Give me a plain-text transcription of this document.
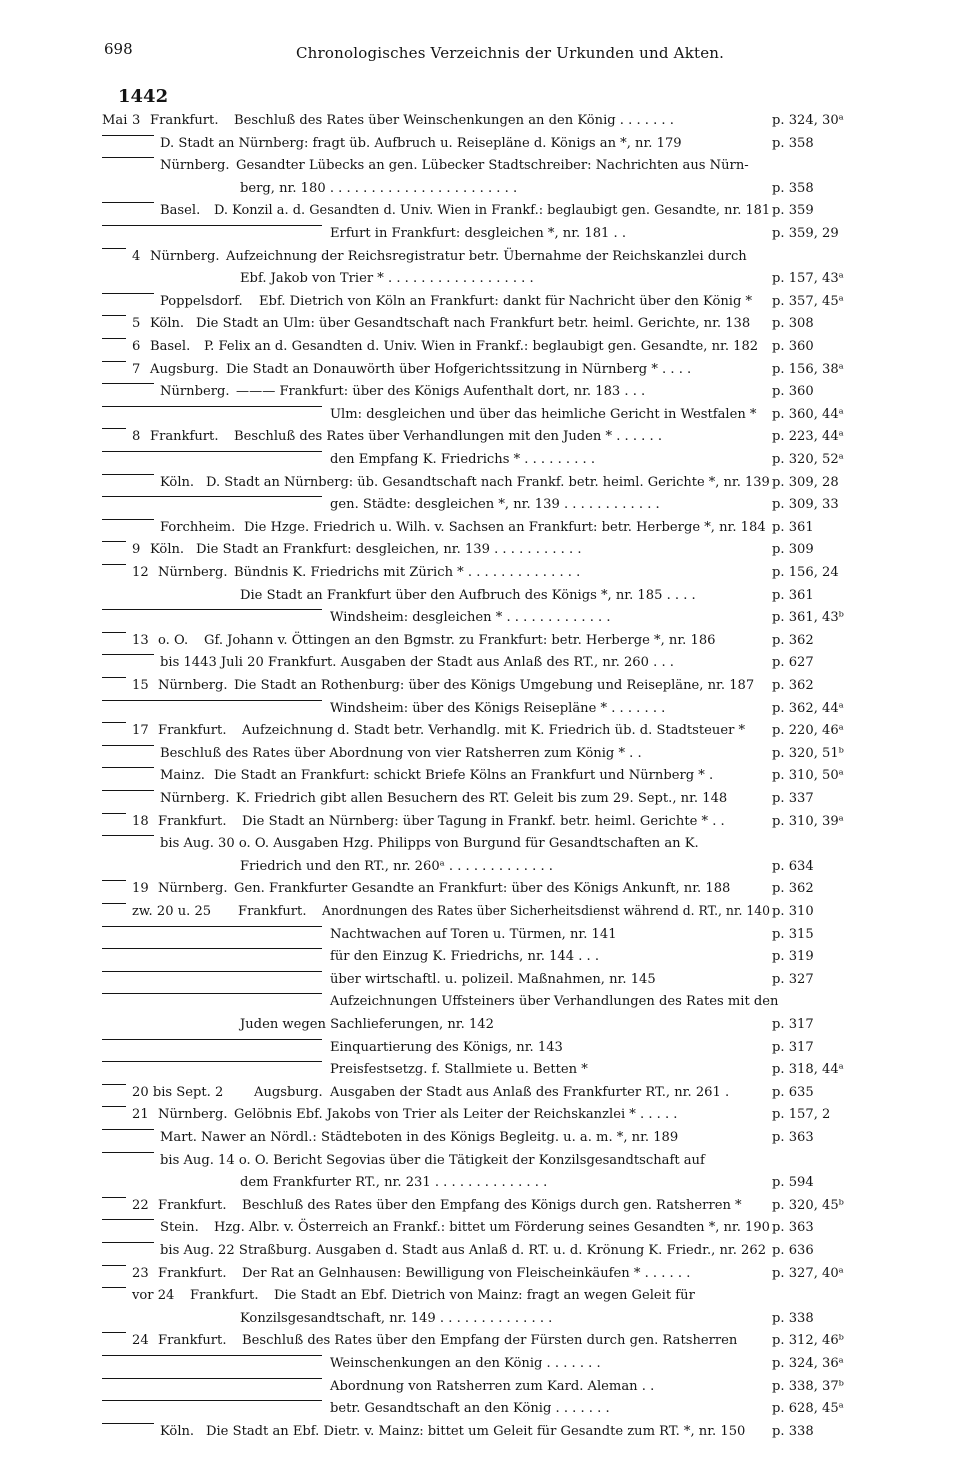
698	Chronologisches Verzeichnis der Urkunden und Akten.
1442
Mai 3 Frankfurt. Beschluß des Rates über Weinschenkungen an den König . . . . . . .	p. 324, 30ᵃ
D. Stadt an Nürnberg: fragt üb. Aufbruch u. Reisepläne d. Königs an *, nr. 179	p. 358
Nürnberg. Gesandter Lübecks an gen. Lübecker Stadtschreiber: Nachrichten aus Nürn-
berg, nr. 180 . . . . . . . . . . . . . . . . . . . . . . .	p. 358
Basel. D. Konzil a. d. Gesandten d. Univ. Wien in Frankf.: beglaubigt gen. Gesandte, nr. 181 p. 359
Erfurt in Frankfurt: desgleichen *, nr. 181 . .	p. 359, 29
4 Nürnberg. Aufzeichnung der Reichsregistratur betr. Übernahme der Reichskanzlei durch
Ebf. Jakob von Trier * . . . . . . . . . . . . . . . . . .	p. 157, 43ᵃ
Poppelsdorf. Ebf. Dietrich von Köln an Frankfurt: dankt für Nachricht über den König * p. 357, 45ᵃ
5 Köln. Die Stadt an Ulm: über Gesandtschaft nach Frankfurt betr. heiml. Gerichte, nr. 138 p. 308
6 Basel. P. Felix an d. Gesandten d. Univ. Wien in Frankf.: beglaubigt gen. Gesandte, nr. 182 p. 360
7 Augsburg. Die Stadt an Donauwörth über Hofgerichtssitzung in Nürnberg * . . . .	p. 156, 38ᵃ
Nürnberg. ——— Frankfurt: über des Königs Aufenthalt dort, nr. 183 . . .	p. 360
Ulm: desgleichen und über das heimliche Gericht in Westfalen * p. 360, 44ᵃ
8 Frankfurt. Beschluß des Rates über Verhandlungen mit den Juden * . . . . . .	p. 223, 44ᵃ
den Empfang K. Friedrichs * . . . . . . . . .	p. 320, 52ᵃ
Köln. D. Stadt an Nürnberg: üb. Gesandtschaft nach Frankf. betr. heiml. Gerichte *, nr. 139 p. 309, 28
gen. Städte: desgleichen *, nr. 139 . . . . . . . . . . . .	p. 309, 33
Forchheim. Die Hzge. Friedrich u. Wilh. v. Sachsen an Frankfurt: betr. Herberge *, nr. 184 p. 361
9 Köln. Die Stadt an Frankfurt: desgleichen, nr. 139 . . . . . . . . . . .	p. 309
12 Nürnberg. Bündnis K. Friedrichs mit Zürich * . . . . . . . . . . . . . .	p. 156, 24
Die Stadt an Frankfurt über den Aufbruch des Königs *, nr. 185 . . . .	p. 361
Windsheim: desgleichen * . . . . . . . . . . . . .	p. 361, 43ᵇ
13 o. O. Gf. Johann v. Öttingen an den Bgmstr. zu Frankfurt: betr. Herberge *, nr. 186	p. 362
bis 1443 Juli 20 Frankfurt. Ausgaben der Stadt aus Anlaß des RT., nr. 260 . . .	p. 627
15 Nürnberg. Die Stadt an Rothenburg: über des Königs Umgebung und Reisepläne, nr. 187 p. 362
Windsheim: über des Königs Reisepläne * . . . . . . .	p. 362, 44ᵃ
17 Frankfurt. Aufzeichnung d. Stadt betr. Verhandlg. mit K. Friedrich üb. d. Stadtsteuer * p. 220, 46ᵃ
Beschluß des Rates über Abordnung von vier Ratsherren zum König * . .	p. 320, 51ᵇ
Mainz. Die Stadt an Frankfurt: schickt Briefe Kölns an Frankfurt und Nürnberg * .	p. 310, 50ᵃ
Nürnberg. K. Friedrich gibt allen Besuchern des RT. Geleit bis zum 29. Sept., nr. 148	p. 337
18 Frankfurt. Die Stadt an Nürnberg: über Tagung in Frankf. betr. heiml. Gerichte * . .	p. 310, 39ᵃ
bis Aug. 30 o. O. Ausgaben Hzg. Philipps von Burgund für Gesandtschaften an K.
Friedrich und den RT., nr. 260ᵃ . . . . . . . . . . . . .	p. 634
19 Nürnberg. Gen. Frankfurter Gesandte an Frankfurt: über des Königs Ankunft, nr. 188	p. 362
zw. 20 u. 25 Frankfurt. Anordnungen des Rates über Sicherheitsdienst während d. RT., nr. 140 p. 310
Nachtwachen auf Toren u. Türmen, nr. 141	p. 315
für den Einzug K. Friedrichs, nr. 144 . . .	p. 319
über wirtschaftl. u. polizeil. Maßnahmen, nr. 145	p. 327
Aufzeichnungen Uffsteiners über Verhandlungen des Rates mit den
Juden wegen Sachlieferungen, nr. 142	p. 317
Einquartierung des Königs, nr. 143	p. 317
Preisfestsetzg. f. Stallmiete u. Betten *	p. 318, 44ᵃ
20 bis Sept. 2 Augsburg. Ausgaben der Stadt aus Anlaß des Frankfurter RT., nr. 261 .	p. 635
21 Nürnberg. Gelöbnis Ebf. Jakobs von Trier als Leiter der Reichskanzlei * . . . . .	p. 157, 2
Mart. Nawer an Nördl.: Städteboten in des Königs Begleitg. u. a. m. *, nr. 189	p. 363
bis Aug. 14 o. O. Bericht Segovias über die Tätigkeit der Konzilsgesandtschaft auf
dem Frankfurter RT., nr. 231 . . . . . . . . . . . . . .	p. 594
22 Frankfurt. Beschluß des Rates über den Empfang des Königs durch gen. Ratsherren * p. 320, 45ᵇ
Stein. Hzg. Albr. v. Österreich an Frankf.: bittet um Förderung seines Gesandten *, nr. 190 p. 363
bis Aug. 22 Straßburg. Ausgaben d. Stadt aus Anlaß d. RT. u. d. Krönung K. Friedr., nr. 262 p. 636
23 Frankfurt. Der Rat an Gelnhausen: Bewilligung von Fleischeinkäufen * . . . . . .	p. 327, 40ᵃ
vor 24 Frankfurt. Die Stadt an Ebf. Dietrich von Mainz: fragt an wegen Geleit für
Konzilsgesandtschaft, nr. 149 . . . . . . . . . . . . . .	p. 338
24 Frankfurt. Beschluß des Rates über den Empfang der Fürsten durch gen. Ratsherren	p. 312, 46ᵇ
Weinschenkungen an den König . . . . . . .	p. 324, 36ᵃ
Abordnung von Ratsherren zum Kard. Aleman . .	p. 338, 37ᵇ
betr. Gesandtschaft an den König . . . . . . .	p. 628, 45ᵃ
Köln. Die Stadt an Ebf. Dietr. v. Mainz: bittet um Geleit für Gesandte zum RT. *, nr. 150 p. 338
